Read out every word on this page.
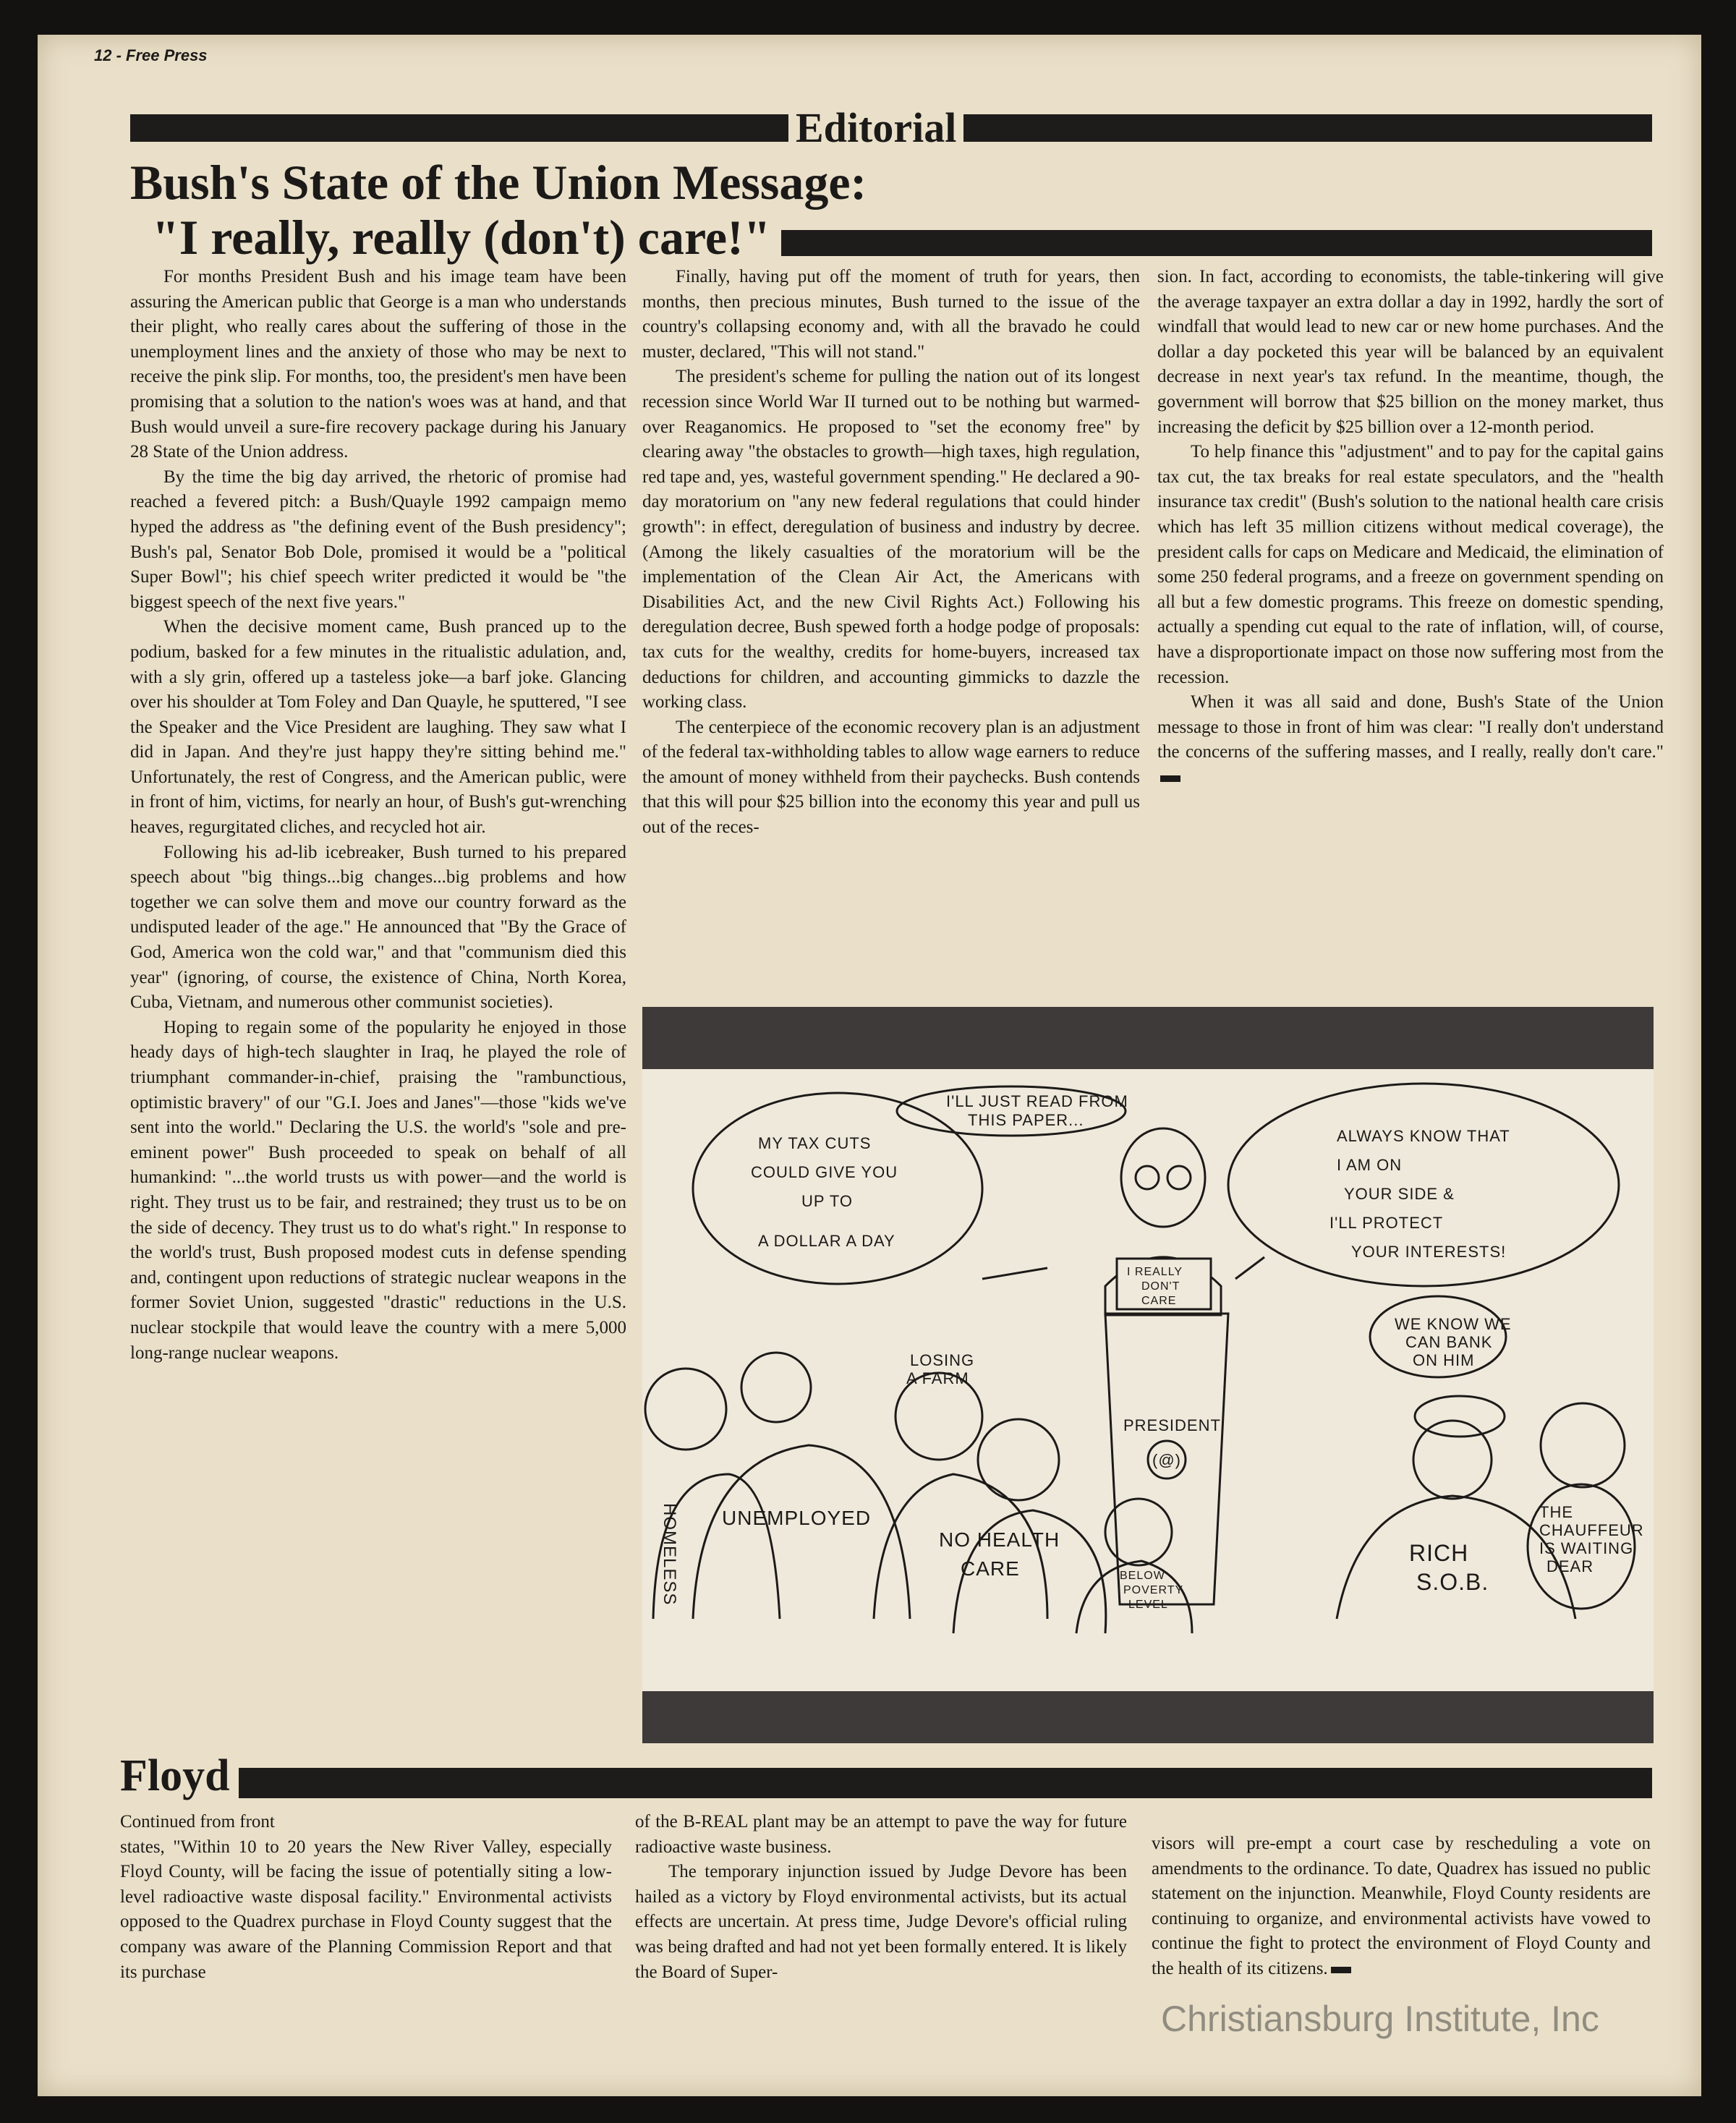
12 - Free Press
Editorial
Bush's State of the Union Message:
"I really, really (don't) care!"

For months President Bush and his image team have been assuring the American public that George is a man who understands their plight, who really cares about the suffering of those in the unemployment lines and the anxiety of those who may be next to receive the pink slip. For months, too, the president's men have been promising that a solution to the nation's woes was at hand, and that Bush would unveil a sure-fire recovery package during his January 28 State of the Union address.

By the time the big day arrived, the rhetoric of promise had reached a fevered pitch: a Bush/Quayle 1992 campaign memo hyped the address as "the defining event of the Bush presidency"; Bush's pal, Senator Bob Dole, promised it would be a "political Super Bowl"; his chief speech writer predicted it would be "the biggest speech of the next five years."

When the decisive moment came, Bush pranced up to the podium, basked for a few minutes in the ritualistic adulation, and, with a sly grin, offered up a tasteless joke—a barf joke. Glancing over his shoulder at Tom Foley and Dan Quayle, he sputtered, "I see the Speaker and the Vice President are laughing. They saw what I did in Japan. And they're just happy they're sitting behind me." Unfortunately, the rest of Congress, and the American public, were in front of him, victims, for nearly an hour, of Bush's gut-wrenching heaves, regurgitated cliches, and recycled hot air.

Following his ad-lib icebreaker, Bush turned to his prepared speech about "big things...big changes...big problems and how together we can solve them and move our country forward as the undisputed leader of the age." He announced that "By the Grace of God, America won the cold war," and that "communism died this year" (ignoring, of course, the existence of China, North Korea, Cuba, Vietnam, and numerous other communist societies).

Hoping to regain some of the popularity he enjoyed in those heady days of high-tech slaughter in Iraq, he played the role of triumphant commander-in-chief, praising the "rambunctious, optimistic bravery" of our "G.I. Joes and Janes"—those "kids we've sent into the world." Declaring the U.S. the world's "sole and pre-eminent power" Bush proceeded to speak on behalf of all humankind: "...the world trusts us with power—and the world is right. They trust us to be fair, and restrained; they trust us to be on the side of decency. They trust us to do what's right." In response to the world's trust, Bush proposed modest cuts in defense spending and, contingent upon reductions of strategic nuclear weapons in the former Soviet Union, suggested "drastic" reductions in the U.S. nuclear stockpile that would leave the country with a mere 5,000 long-range nuclear weapons.

Finally, having put off the moment of truth for years, then months, then precious minutes, Bush turned to the issue of the country's collapsing economy and, with all the bravado he could muster, declared, "This will not stand."

The president's scheme for pulling the nation out of its longest recession since World War II turned out to be nothing but warmed-over Reaganomics. He proposed to "set the economy free" by clearing away "the obstacles to growth—high taxes, high regulation, red tape and, yes, wasteful government spending." He declared a 90-day moratorium on "any new federal regulations that could hinder growth": in effect, deregulation of business and industry by decree. (Among the likely casualties of the moratorium will be the implementation of the Clean Air Act, the Americans with Disabilities Act, and the new Civil Rights Act.) Following his deregulation decree, Bush spewed forth a hodge podge of proposals: tax cuts for the wealthy, credits for home-buyers, increased tax deductions for children, and accounting gimmicks to dazzle the working class.

The centerpiece of the economic recovery plan is an adjustment of the federal tax-withholding tables to allow wage earners to reduce the amount of money withheld from their paychecks. Bush contends that this will pour $25 billion into the economy this year and pull us out of the reces-

sion. In fact, according to economists, the table-tinkering will give the average taxpayer an extra dollar a day in 1992, hardly the sort of windfall that would lead to new car or new home purchases. And the dollar a day pocketed this year will be balanced by an equivalent decrease in next year's tax refund. In the meantime, though, the government will borrow that $25 billion on the money market, thus increasing the deficit by $25 billion over a 12-month period.

To help finance this "adjustment" and to pay for the capital gains tax cut, the tax breaks for real estate speculators, and the "health insurance tax credit" (Bush's solution to the national health care crisis which has left 35 million citizens without medical coverage), the president calls for caps on Medicare and Medicaid, the elimination of some 250 federal programs, and a freeze on government spending on all but a few domestic programs. This freeze on domestic spending, actually a spending cut equal to the rate of inflation, will, of course, have a disproportionate impact on those now suffering most from the recession.

When it was all said and done, Bush's State of the Union message to those in front of him was clear: "I really don't understand the concerns of the suffering masses, and I really, really don't care."

I'LL JUST READ FROM
THIS PAPER...
MY TAX CUTS
COULD GIVE YOU
UP TO
A DOLLAR A DAY
ALWAYS KNOW THAT
I AM ON
YOUR SIDE &
I'LL PROTECT
YOUR INTERESTS!
WE KNOW WE
CAN BANK
ON HIM
THE
CHAUFFEUR
IS WAITING
DEAR
I REALLY
DON'T
CARE
PRESIDENT
(@)
LOSING
A FARM
HOMELESS UNEMPLOYED
NO HEALTH
CARE	BELOW
POVERTY
LEVEL
RICH
S.O.B.
Floyd

Continued from front

states, "Within 10 to 20 years the New River Valley, especially Floyd County, will be facing the issue of potentially siting a low-level radioactive waste disposal facility." Environmental activists opposed to the Quadrex purchase in Floyd County suggest that the company was aware of the Planning Commission Report and that its purchase

of the B-REAL plant may be an attempt to pave the way for future radioactive waste business.

The temporary injunction issued by Judge Devore has been hailed as a victory by Floyd environmental activists, but its actual effects are uncertain. At press time, Judge Devore's official ruling was being drafted and had not yet been formally entered. It is likely the Board of Super-

visors will pre-empt a court case by rescheduling a vote on amendments to the ordinance. To date, Quadrex has issued no public statement on the injunction. Meanwhile, Floyd County residents are continuing to organize, and environmental activists have vowed to continue the fight to protect the environment of Floyd County and the health of its citizens.

Christiansburg Institute, Inc
